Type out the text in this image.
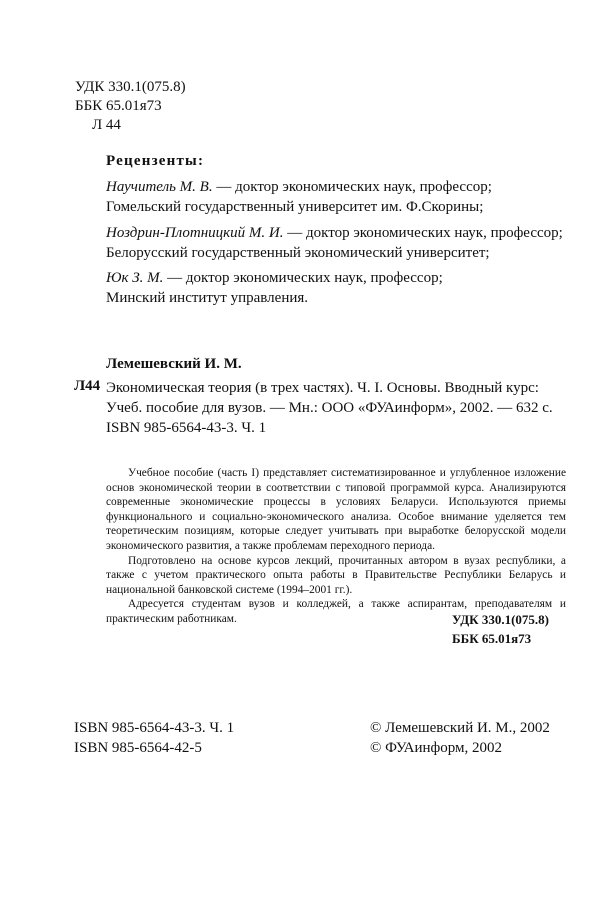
УДК 330.1(075.8)
ББК 65.01я73
Л 44
Рецензенты:
Научитель М. В. — доктор экономических наук, профессор;
Гомельский государственный университет им. Ф.Скорины;
Ноздрин-Плотницкий М. И. — доктор экономических наук, профессор;
Белорусский государственный экономический университет;
Юк З. М. — доктор экономических наук, профессор;
Минский институт управления.
Лемешевский И. М.
Л44 Экономическая теория (в трех частях). Ч. I. Основы. Вводный курс:
Учеб. пособие для вузов. — Мн.: ООО «ФУАинформ», 2002. — 632 с.
ISBN 985-6564-43-3. Ч. 1

Учебное пособие (часть I) представляет систематизированное и углубленное изложение основ экономической теории в соответствии с типовой программой курса. Анализируются современные экономические процессы в условиях Беларуси. Используются приемы функционального и социально-экономического анализа. Особое внимание уделяется тем теоретическим позициям, которые следует учитывать при выработке белорусской модели экономического развития, а также проблемам переходного периода.

Подготовлено на основе курсов лекций, прочитанных автором в вузах республики, а также с учетом практического опыта работы в Правительстве Республики Беларусь и национальной банковской системе (1994–2001 гг.).

Адресуется студентам вузов и колледжей, а также аспирантам, преподавателям и практическим работникам.	УДК 330.1(075.8)
ББК 65.01я73
ISBN 985-6564-43-3. Ч. 1
ISBN 985-6564-42-5
© Лемешевский И. М., 2002
© ФУАинформ, 2002
